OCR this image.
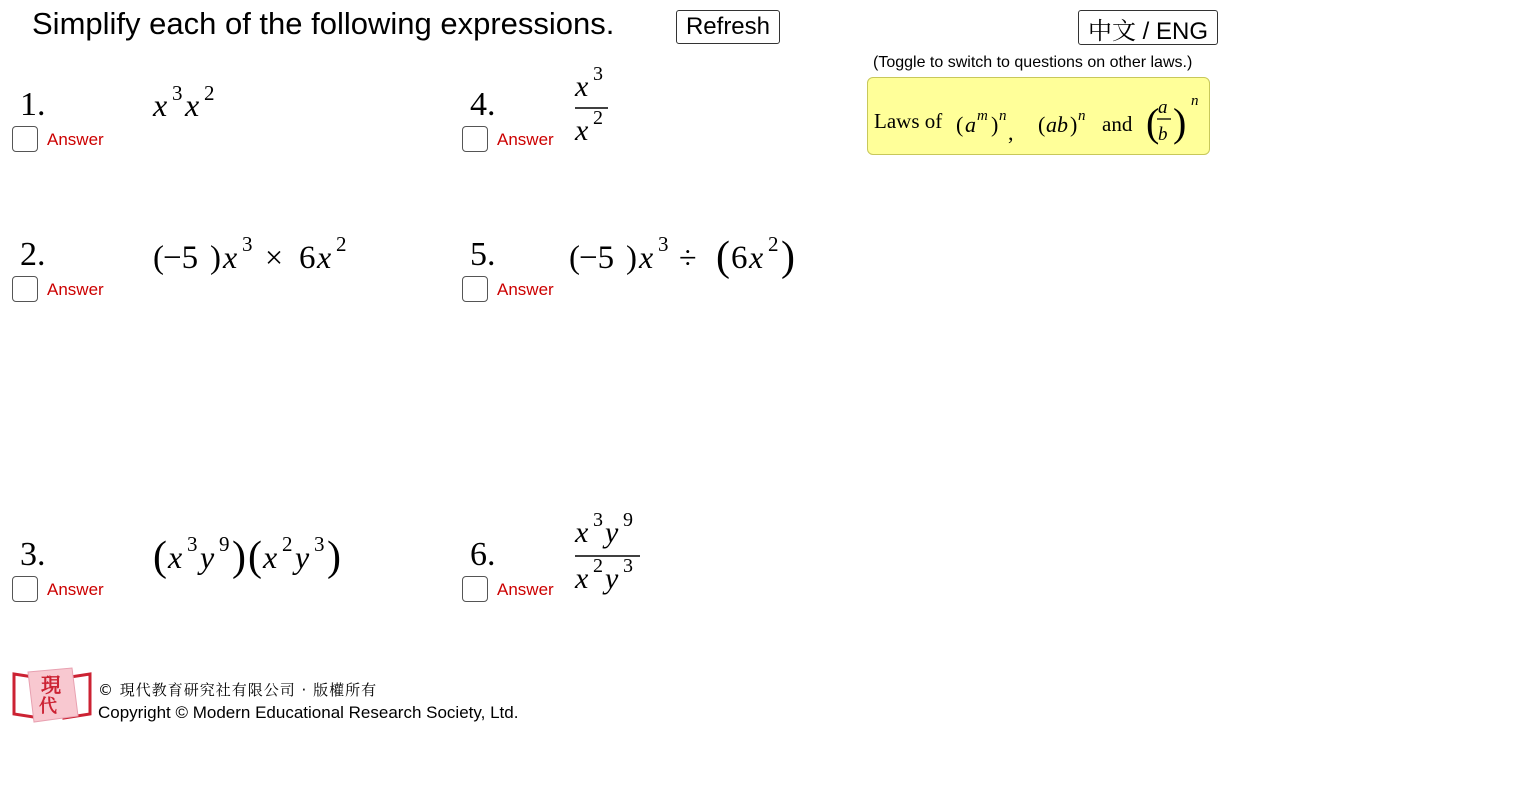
Simplify each of the following expressions.	Refresh	中文 / ENG
(Toggle to switch to questions on other laws.)
Laws of ( a m ) n
, ( ab ) n and (
a
b ) n
1.
Answer
x 3 x 2
2.
Answer
( −5 ) x 3 × 6 x 2
3.
Answer
( x 3 y 9 ) ( x 2 y 3 )
4.
Answer
x 3
x 2
5.
Answer
( −5 ) x 3 ÷ ( 6 x 2 )
6.
Answer
x 3 y 9
x 2 y 3
現
代
© 現代教育研究社有限公司 · 版權所有
Copyright © Modern Educational Research Society, Ltd.
